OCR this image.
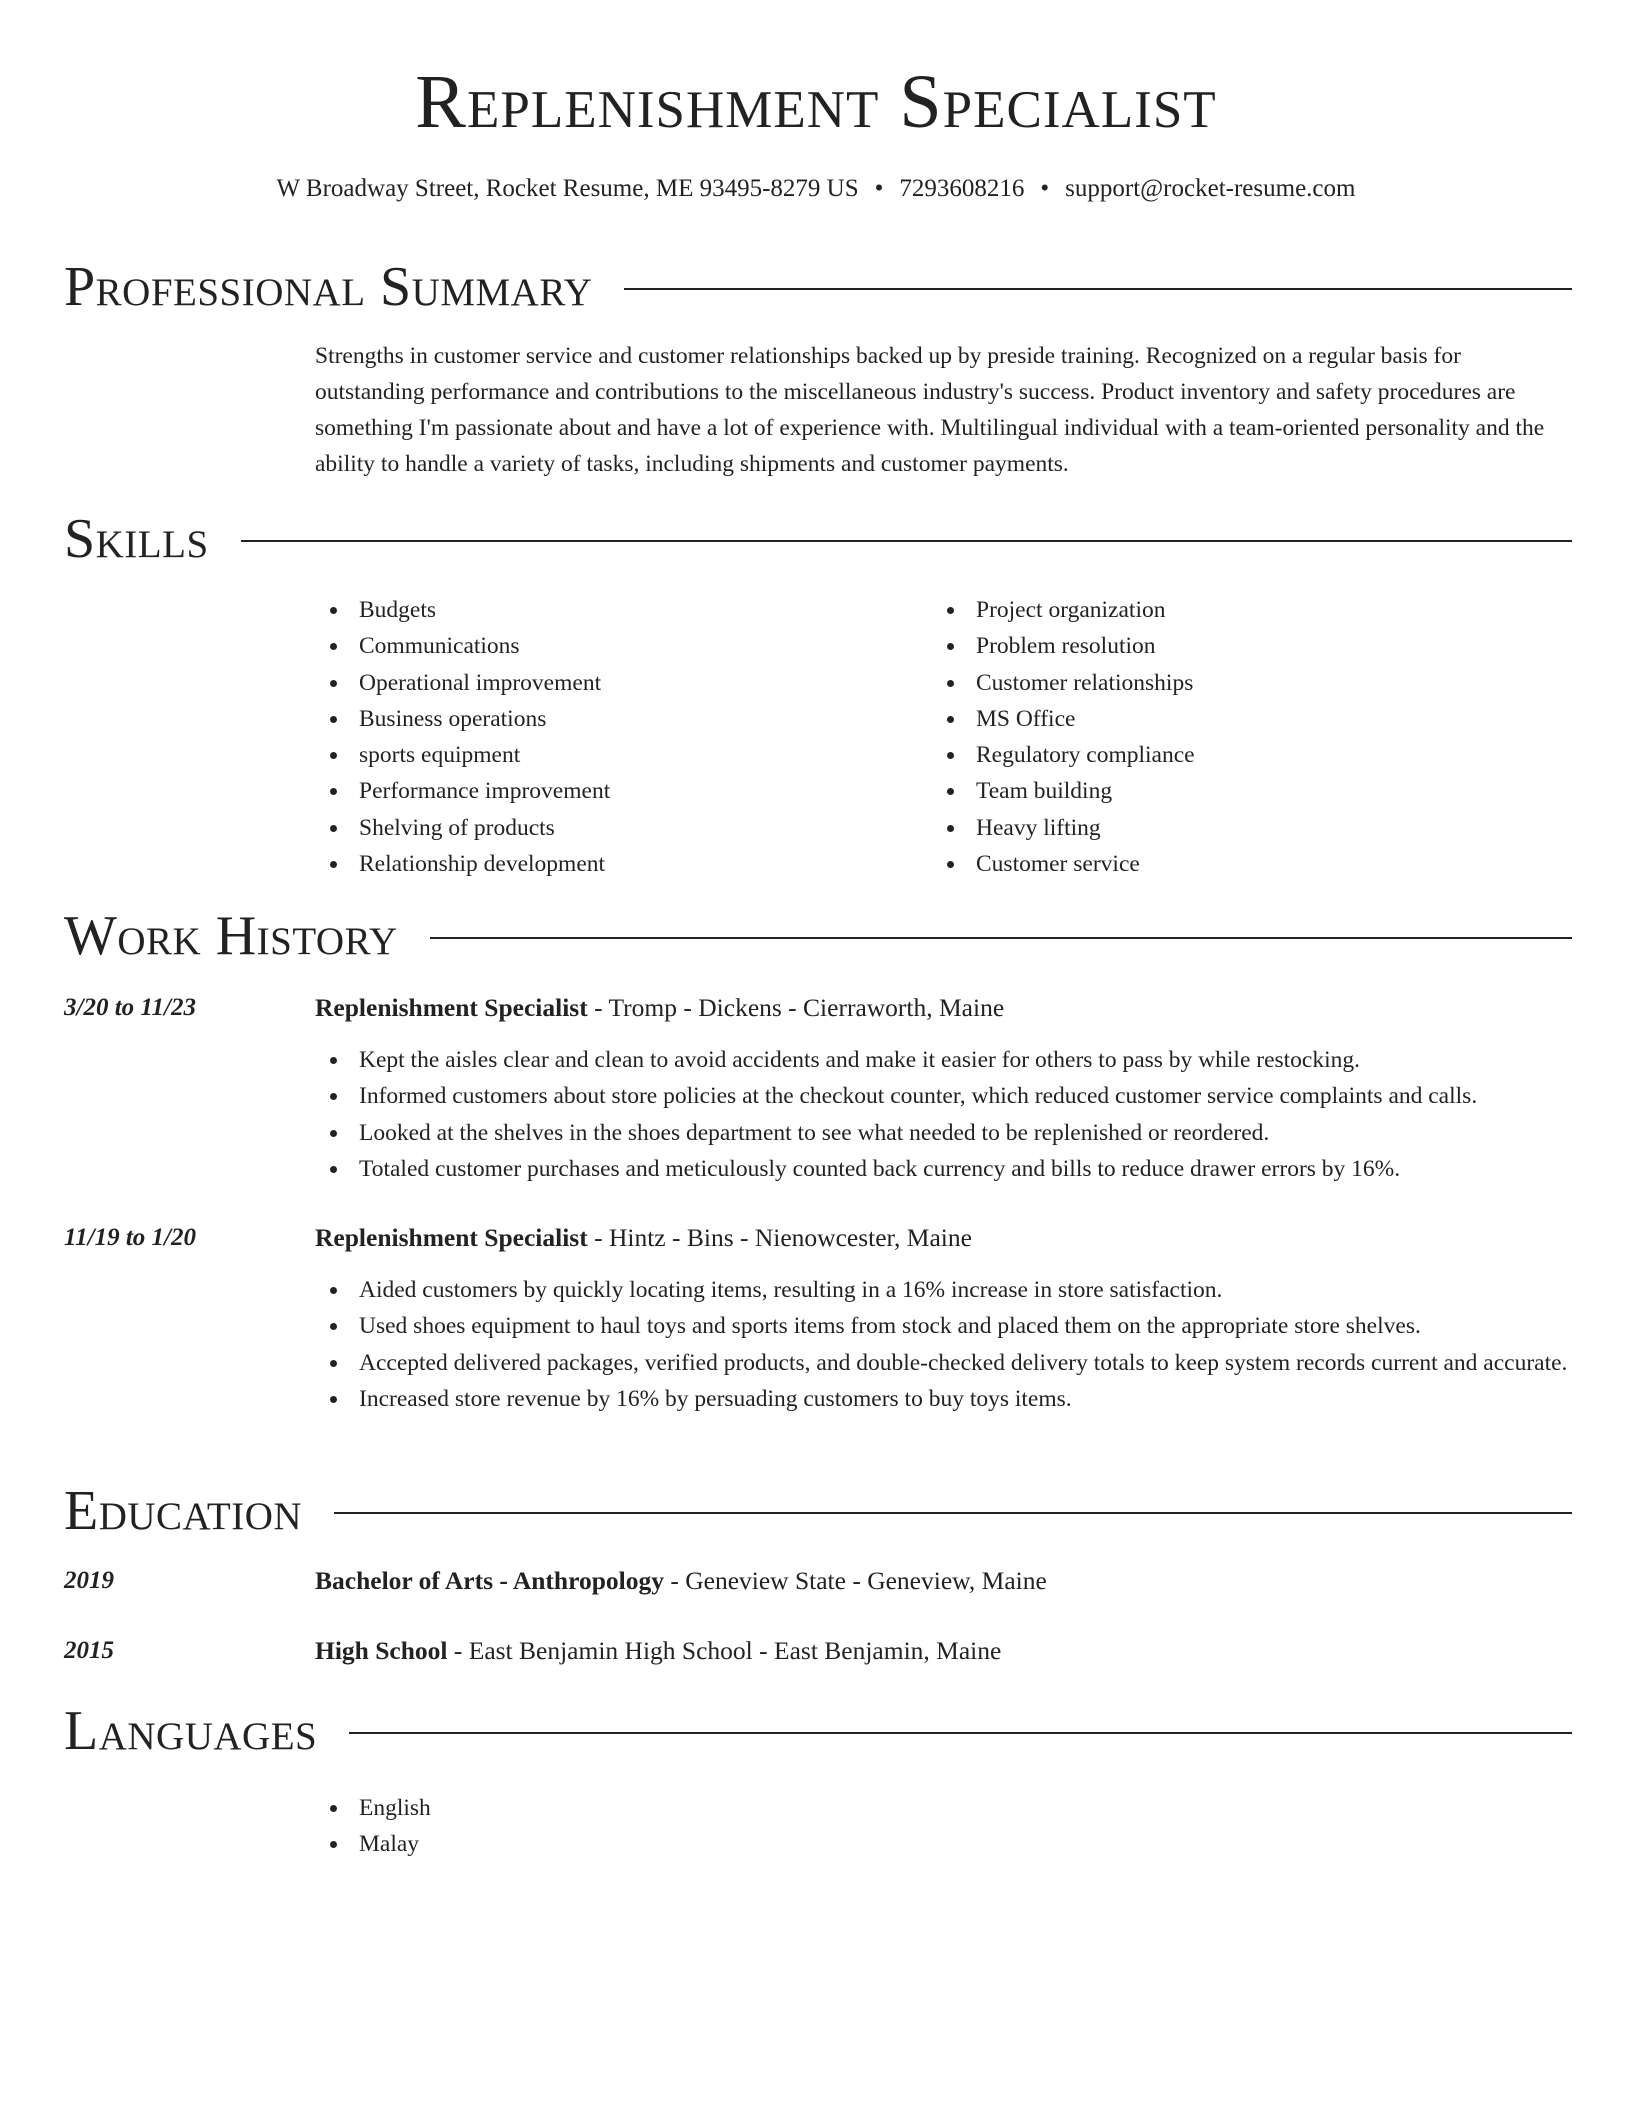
Replenishment Specialist
W Broadway Street, Rocket Resume, ME 93495-8279 US • 7293608216 • support@rocket-resume.com
Professional Summary
Strengths in customer service and customer relationships backed up by preside training. Recognized on a regular basis for outstanding performance and contributions to the miscellaneous industry's success. Product inventory and safety procedures are something I'm passionate about and have a lot of experience with. Multilingual individual with a team-oriented personality and the ability to handle a variety of tasks, including shipments and customer payments.
Skills
Budgets
Communications
Operational improvement
Business operations
sports equipment
Performance improvement
Shelving of products
Relationship development
Project organization
Problem resolution
Customer relationships
MS Office
Regulatory compliance
Team building
Heavy lifting
Customer service
Work History
3/20 to 11/23	Replenishment Specialist - Tromp - Dickens - Cierraworth, Maine
Kept the aisles clear and clean to avoid accidents and make it easier for others to pass by while restocking.
Informed customers about store policies at the checkout counter, which reduced customer service complaints and calls.
Looked at the shelves in the shoes department to see what needed to be replenished or reordered.
Totaled customer purchases and meticulously counted back currency and bills to reduce drawer errors by 16%.
11/19 to 1/20	Replenishment Specialist - Hintz - Bins - Nienowcester, Maine
Aided customers by quickly locating items, resulting in a 16% increase in store satisfaction.
Used shoes equipment to haul toys and sports items from stock and placed them on the appropriate store shelves.
Accepted delivered packages, verified products, and double-checked delivery totals to keep system records current and accurate.
Increased store revenue by 16% by persuading customers to buy toys items.
Education
2019	Bachelor of Arts - Anthropology - Geneview State - Geneview, Maine
2015	High School - East Benjamin High School - East Benjamin, Maine
Languages
English
Malay
